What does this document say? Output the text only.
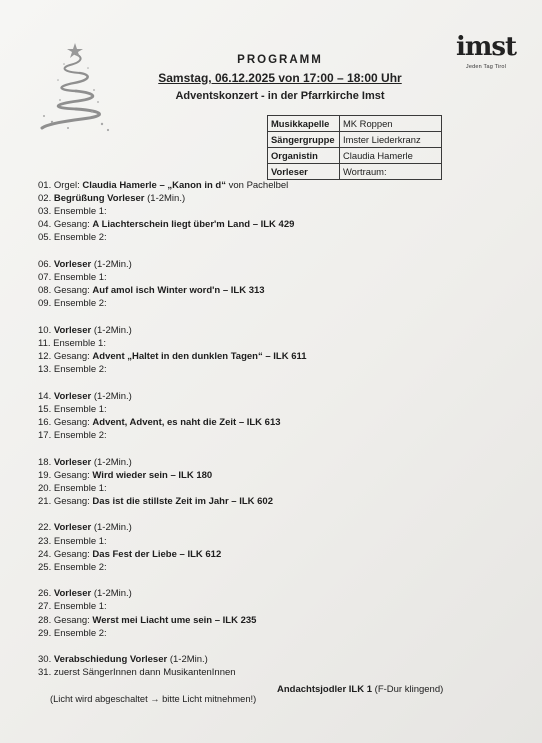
imst
Jeden Tag Tirol
PROGRAMM
Samstag, 06.12.2025 von 17:00 – 18:00 Uhr
Adventskonzert - in der Pfarrkirche Imst
Musikkapelle	MK Roppen
Sängergruppe	Imster Liederkranz
Organistin	Claudia Hamerle
Vorleser	Wortraum:
01. Orgel: Claudia Hamerle – „Kanon in d“ von Pachelbel
02. Begrüßung Vorleser (1-2Min.)
03. Ensemble 1:
04. Gesang: A Liachterschein liegt über'm Land – ILK 429
05. Ensemble 2:
06. Vorleser (1-2Min.)
07. Ensemble 1:
08. Gesang: Auf amol isch Winter word'n – ILK 313
09. Ensemble 2:
10. Vorleser (1-2Min.)
11. Ensemble 1:
12. Gesang: Advent „Haltet in den dunklen Tagen“ – ILK 611
13. Ensemble 2:
14. Vorleser (1-2Min.)
15. Ensemble 1:
16. Gesang: Advent, Advent, es naht die Zeit – ILK 613
17. Ensemble 2:
18. Vorleser (1-2Min.)
19. Gesang: Wird wieder sein – ILK 180
20. Ensemble 1:
21. Gesang: Das ist die stillste Zeit im Jahr – ILK 602
22. Vorleser (1-2Min.)
23. Ensemble 1:
24. Gesang: Das Fest der Liebe – ILK 612
25. Ensemble 2:
26. Vorleser (1-2Min.)
27. Ensemble 1:
28. Gesang: Werst mei Liacht ume sein – ILK 235
29. Ensemble 2:
30. Verabschiedung Vorleser (1-2Min.)
31. zuerst SängerInnen dann MusikantenInnen
Andachtsjodler ILK 1 (F-Dur klingend)
(Licht wird abgeschaltet → bitte Licht mitnehmen!)
